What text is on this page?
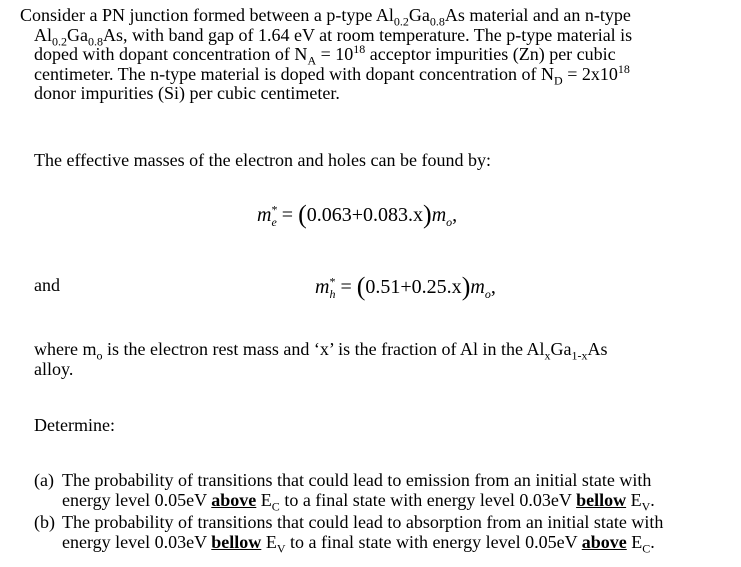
Consider a PN junction formed between a p-type $Al_{0.2}Ga_{0.8}As$ material and an n-type
$Al_{0.2}Ga_{0.8}As$, with band gap of 1.64 eV at room temperature. The p-type material is
doped with dopant concentration of $N_A = 10^{18}$ acceptor impurities (Zn) per cubic
centimeter. The n-type material is doped with dopant concentration of $N_D = 2x10^{18}$
donor impurities (Si) per cubic centimeter.
The effective masses of the electron and holes can be found by:
$m^*_e = (0.063+0.083.x)m_o$,
and	$m^*_h = (0.51+0.25.x)m_o$,
where $m_o$ is the electron rest mass and ‘x’ is the fraction of Al in the $Al_xGa_{1-x}As$
alloy.
Determine:
(a) The probability of transitions that could lead to emission from an initial state with
energy level 0.05eV above $E_C$ to a final state with energy level 0.03eV bellow $E_V$.
(b) The probability of transitions that could lead to absorption from an initial state with
energy level 0.03eV bellow $E_V$ to a final state with energy level 0.05eV above $E_C$.
